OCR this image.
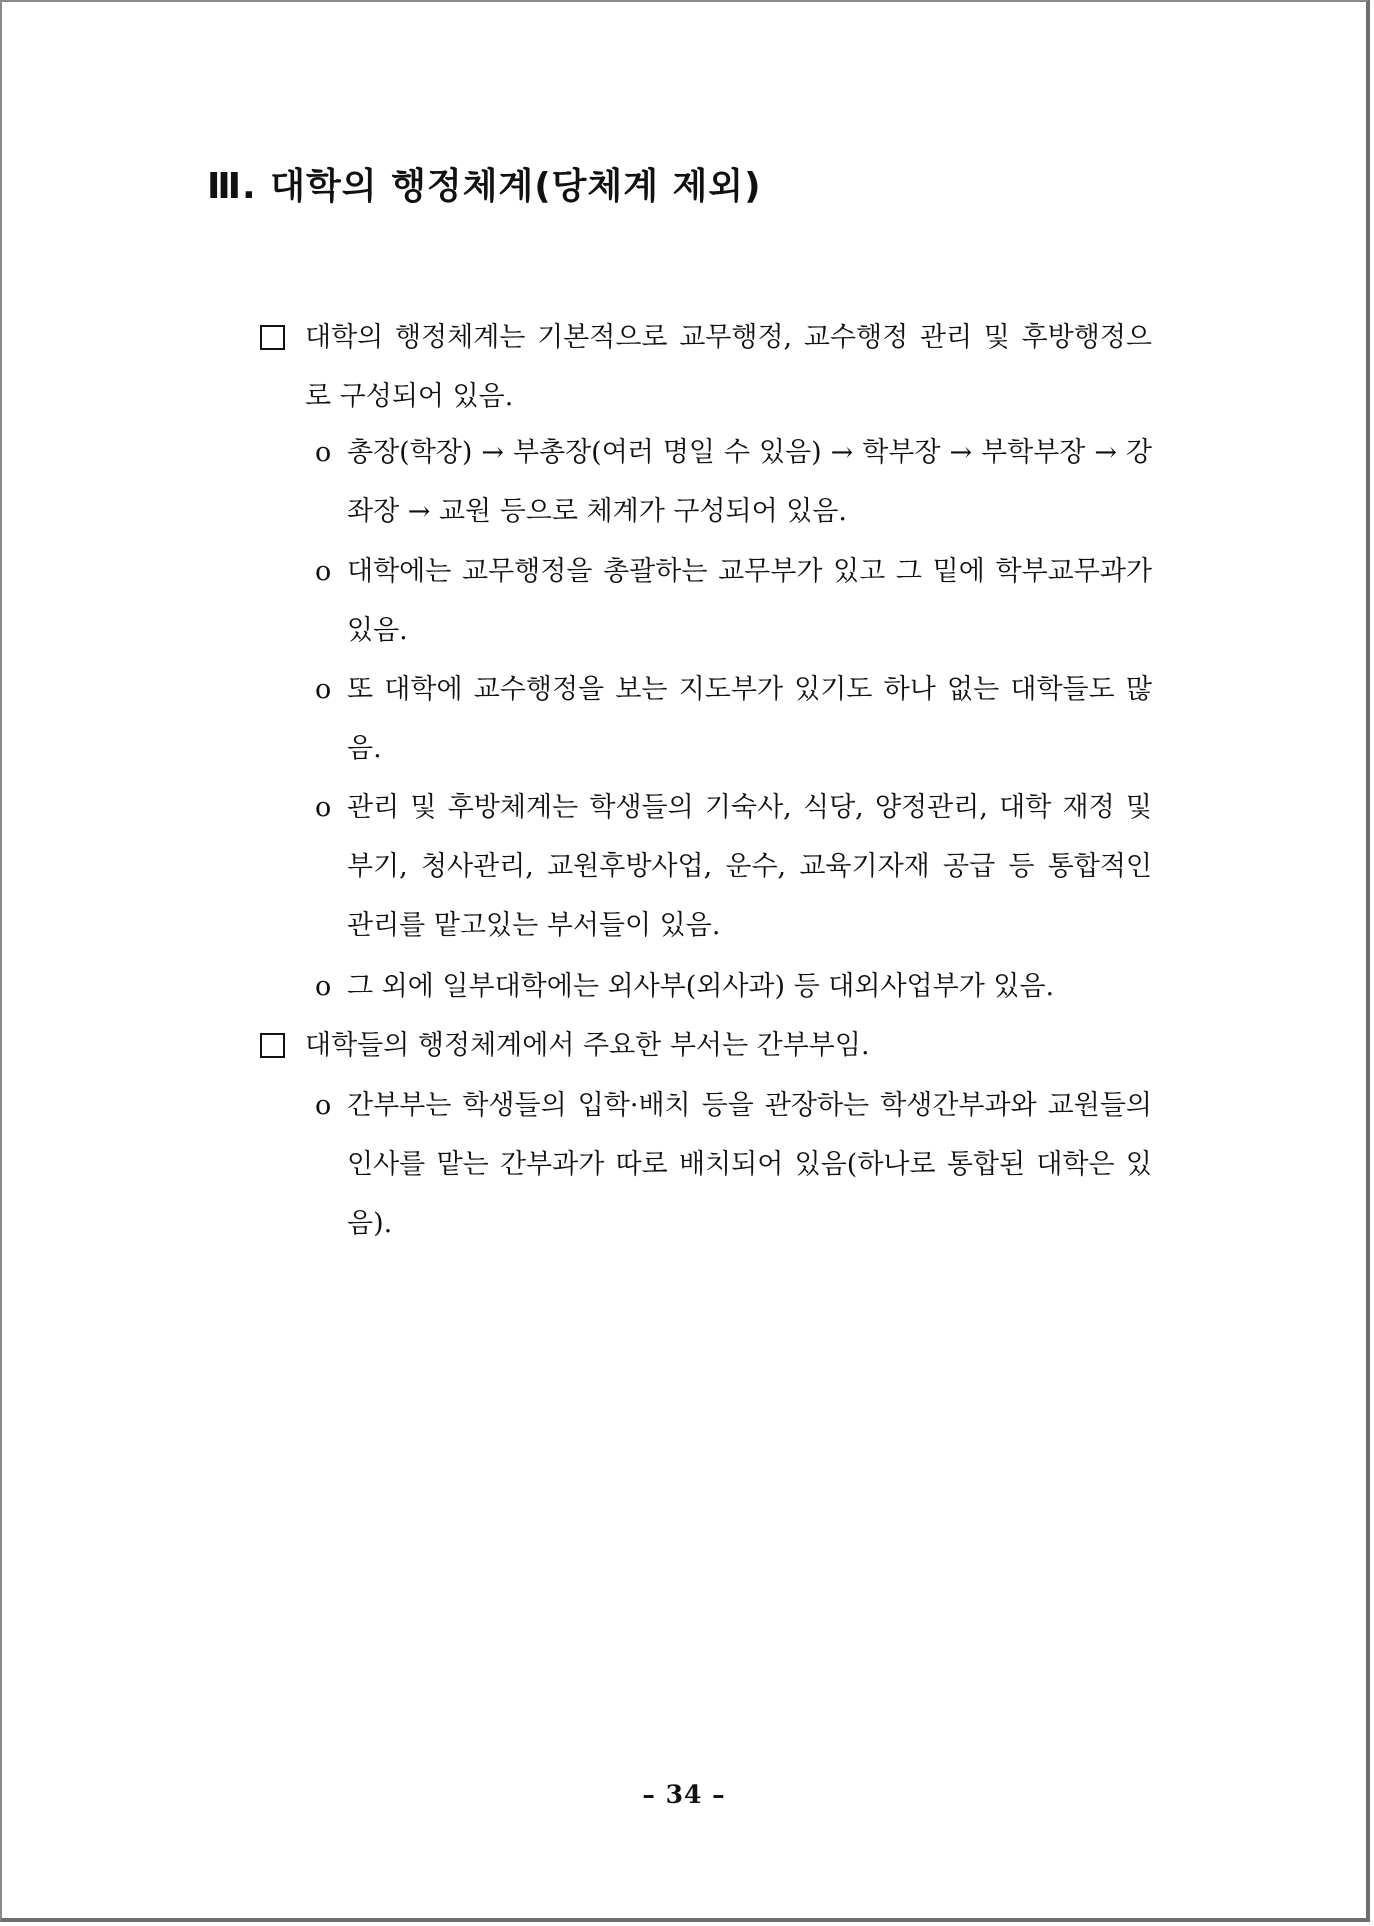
Ⅲ. 대학의 행정체계(당체계 제외)
대학의 행정체계는 기본적으로 교무행정, 교수행정 관리 및 후방행정으로 구성되어 있음.
o 총장(학장) → 부총장(여러 명일 수 있음) → 학부장 → 부학부장 → 강좌장 → 교원 등으로 체계가 구성되어 있음.
o 대학에는 교무행정을 총괄하는 교무부가 있고 그 밑에 학부교무과가 있음.
o 또 대학에 교수행정을 보는 지도부가 있기도 하나 없는 대학들도 많음.
o 관리 및 후방체계는 학생들의 기숙사, 식당, 양정관리, 대학 재정 및 부기, 청사관리, 교원후방사업, 운수, 교육기자재 공급 등 통합적인 관리를 맡고있는 부서들이 있음.
o 그 외에 일부대학에는 외사부(외사과) 등 대외사업부가 있음.
대학들의 행정체계에서 주요한 부서는 간부부임.
o 간부부는 학생들의 입학·배치 등을 관장하는 학생간부과와 교원들의 인사를 맡는 간부과가 따로 배치되어 있음(하나로 통합된 대학은 있음).
– 34 –
